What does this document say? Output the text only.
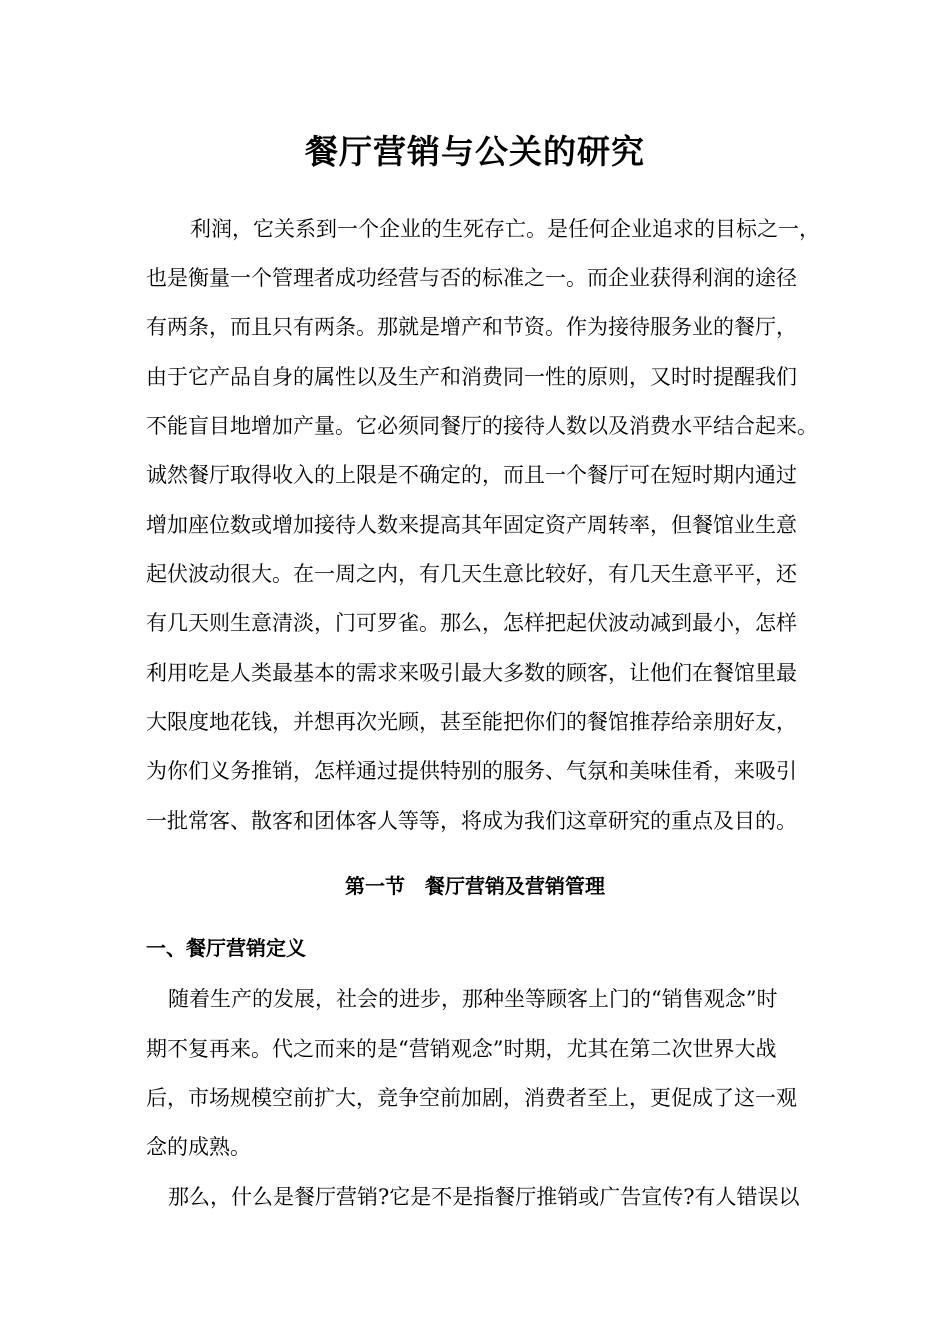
餐厅营销与公关的研究
利润，它关系到一个企业的生死存亡。是任何企业追求的目标之一，
也是衡量一个管理者成功经营与否的标准之一。而企业获得利润的途径
有两条，而且只有两条。那就是增产和节资。作为接待服务业的餐厅，
由于它产品自身的属性以及生产和消费同一性的原则，又时时提醒我们
不能盲目地增加产量。它必须同餐厅的接待人数以及消费水平结合起来。
诚然餐厅取得收入的上限是不确定的，而且一个餐厅可在短时期内通过
增加座位数或增加接待人数来提高其年固定资产周转率，但餐馆业生意
起伏波动很大。在一周之内，有几天生意比较好，有几天生意平平，还
有几天则生意清淡，门可罗雀。那么，怎样把起伏波动减到最小，怎样
利用吃是人类最基本的需求来吸引最大多数的顾客，让他们在餐馆里最
大限度地花钱，并想再次光顾，甚至能把你们的餐馆推荐给亲朋好友，
为你们义务推销，怎样通过提供特别的服务、气氛和美味佳肴，来吸引
一批常客、散客和团体客人等等，将成为我们这章研究的重点及目的。
第一节　餐厅营销及营销管理
一、餐厅营销定义
随着生产的发展，社会的进步，那种坐等顾客上门的“销售观念”时
期不复再来。代之而来的是“营销观念”时期，尤其在第二次世界大战
后，市场规模空前扩大，竞争空前加剧，消费者至上，更促成了这一观
念的成熟。
那么，什么是餐厅营销?它是不是指餐厅推销或广告宣传?有人错误以
